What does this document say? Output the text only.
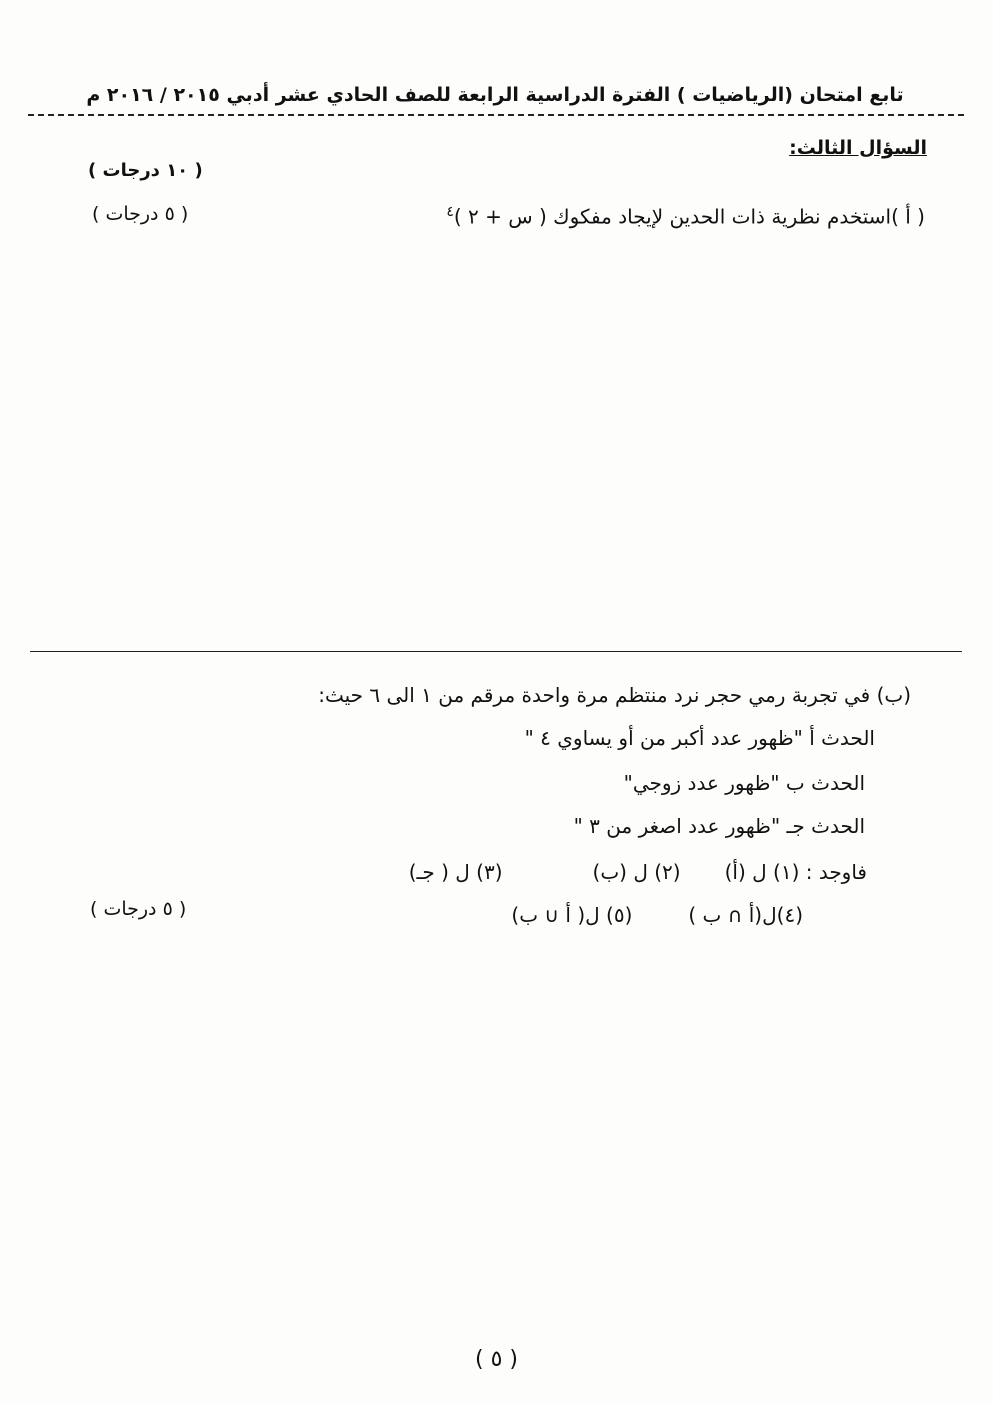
تابع امتحان (الرياضيات ) الفترة الدراسية الرابعة للصف الحادي عشر أدبي ٢٠١٥ / ٢٠١٦ م
السؤال الثالث:
( ١٠ درجات )
( أ )استخدم نظرية ذات الحدين لإيجاد مفكوك ( س + ٢ )$^٤$
( ٥ درجات )
(ب) في تجربة رمي حجر نرد منتظم مرة واحدة مرقم من ١ الى ٦ حيث:
الحدث أ "ظهور عدد أكبر من أو يساوي ٤ "
الحدث ب "ظهور عدد زوجي"
الحدث جـ "ظهور عدد اصغر من ٣ "
فاوجد : (١) ل (أ)(٢) ل (ب)(٣) ل ( جـ)
(٤)ل(أ ∩ ب )(٥) ل( أ ∪ ب)
( ٥ درجات )
( ٥ )
